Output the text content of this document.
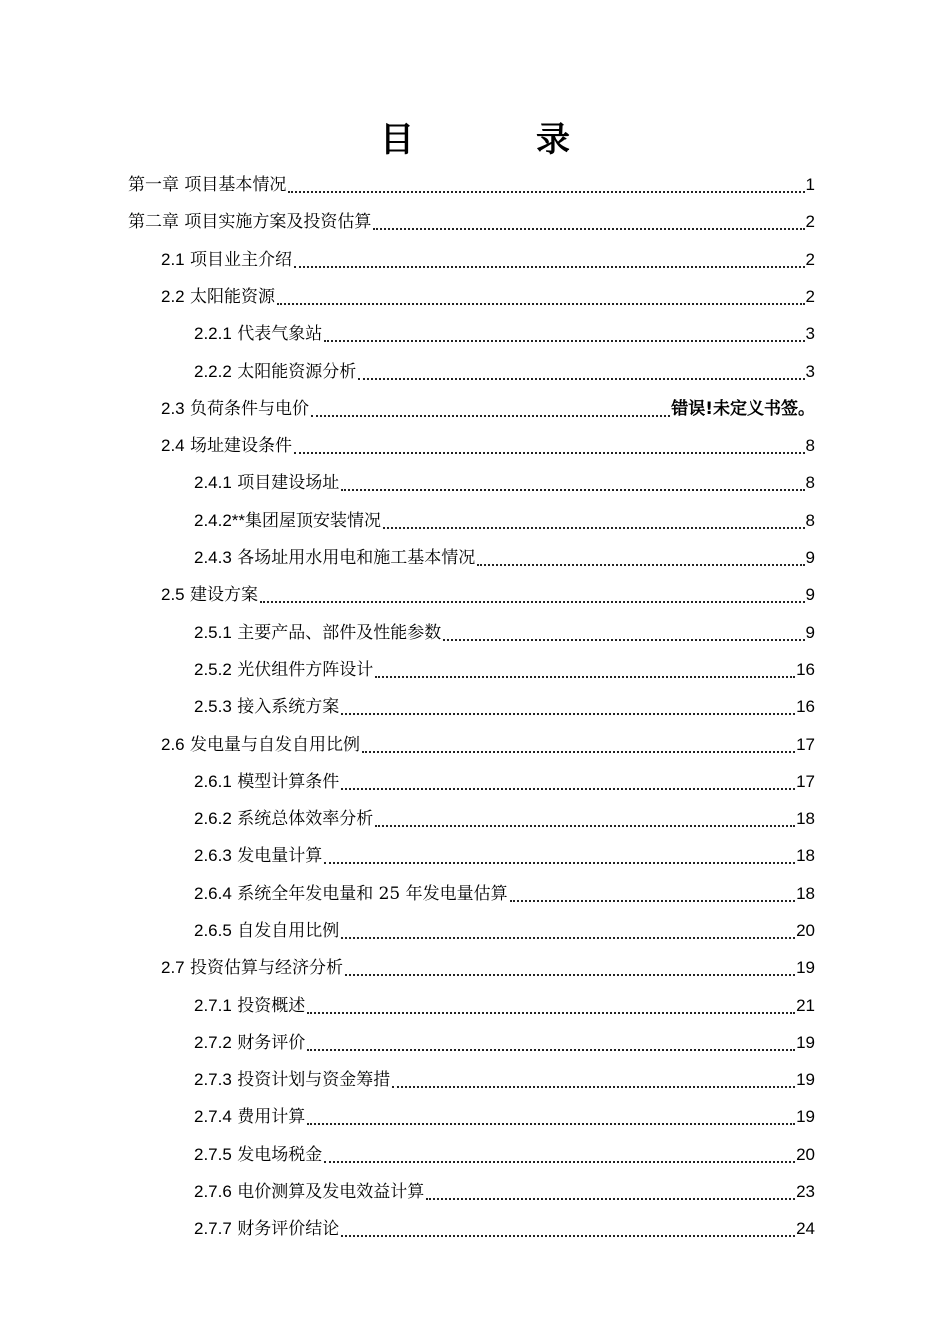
目　录
第一章 项目基本情况	1
第二章 项目实施方案及投资估算	2
2.1 项目业主介绍	2
2.2 太阳能资源	2
2.2.1 代表气象站	3
2.2.2 太阳能资源分析	3
2.3 负荷条件与电价	错误!未定义书签。
2.4 场址建设条件	8
2.4.1 项目建设场址	8
2.4.2**集团屋顶安装情况	8
2.4.3 各场址用水用电和施工基本情况	9
2.5 建设方案	9
2.5.1 主要产品、部件及性能参数	9
2.5.2 光伏组件方阵设计	16
2.5.3 接入系统方案	16
2.6 发电量与自发自用比例	17
2.6.1 模型计算条件	17
2.6.2 系统总体效率分析	18
2.6.3 发电量计算	18
2.6.4 系统全年发电量和 25 年发电量估算	18
2.6.5 自发自用比例	20
2.7 投资估算与经济分析	19
2.7.1 投资概述	21
2.7.2 财务评价	19
2.7.3 投资计划与资金筹措	19
2.7.4 费用计算	19
2.7.5 发电场税金	20
2.7.6 电价测算及发电效益计算	23
2.7.7 财务评价结论	24
